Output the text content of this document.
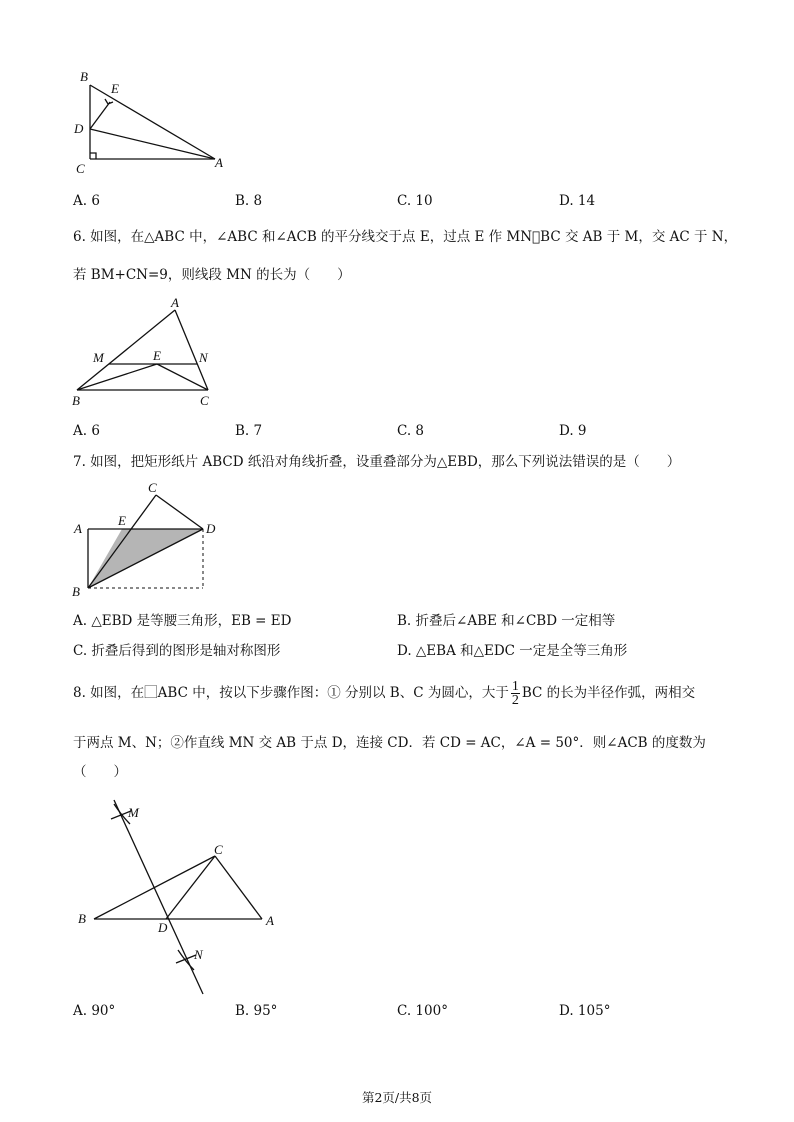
B
E
D
C	A
A. 6	B. 8	C. 10	D. 14
6. 如图，在△ABC 中，∠ABC 和∠ACB 的平分线交于点 E，过点 E 作 MN⃞BC 交 AB 于 M，交 AC 于 N，
若 BM+CN=9，则线段 MN 的长为（　　）
A
M	E	N
B	C
A. 6	B. 7	C. 8	D. 9
7. 如图，把矩形纸片 ABCD 纸沿对角线折叠，设重叠部分为△EBD，那么下列说法错误的是（　　）
C
A
E
D
B
A. △EBD 是等腰三角形，EB = ED	B. 折叠后∠ABE 和∠CBD 一定相等
C. 折叠后得到的图形是轴对称图形	D. △EBA 和△EDC 一定是全等三角形
8. 如图，在⃞ABC 中，按以下步骤作图：① 分别以 B、C 为圆心，大于 $\frac{1}{2}$ BC 的长为半径作弧，两相交
于两点 M、N；②作直线 MN 交 AB 于点 D，连接 CD．若 CD = AC，∠A = 50°．则∠ACB 的度数为
（　　）
M
C
B
D	A
N
A. 90°	B. 95°	C. 100°	D. 105°
第2页/共8页
